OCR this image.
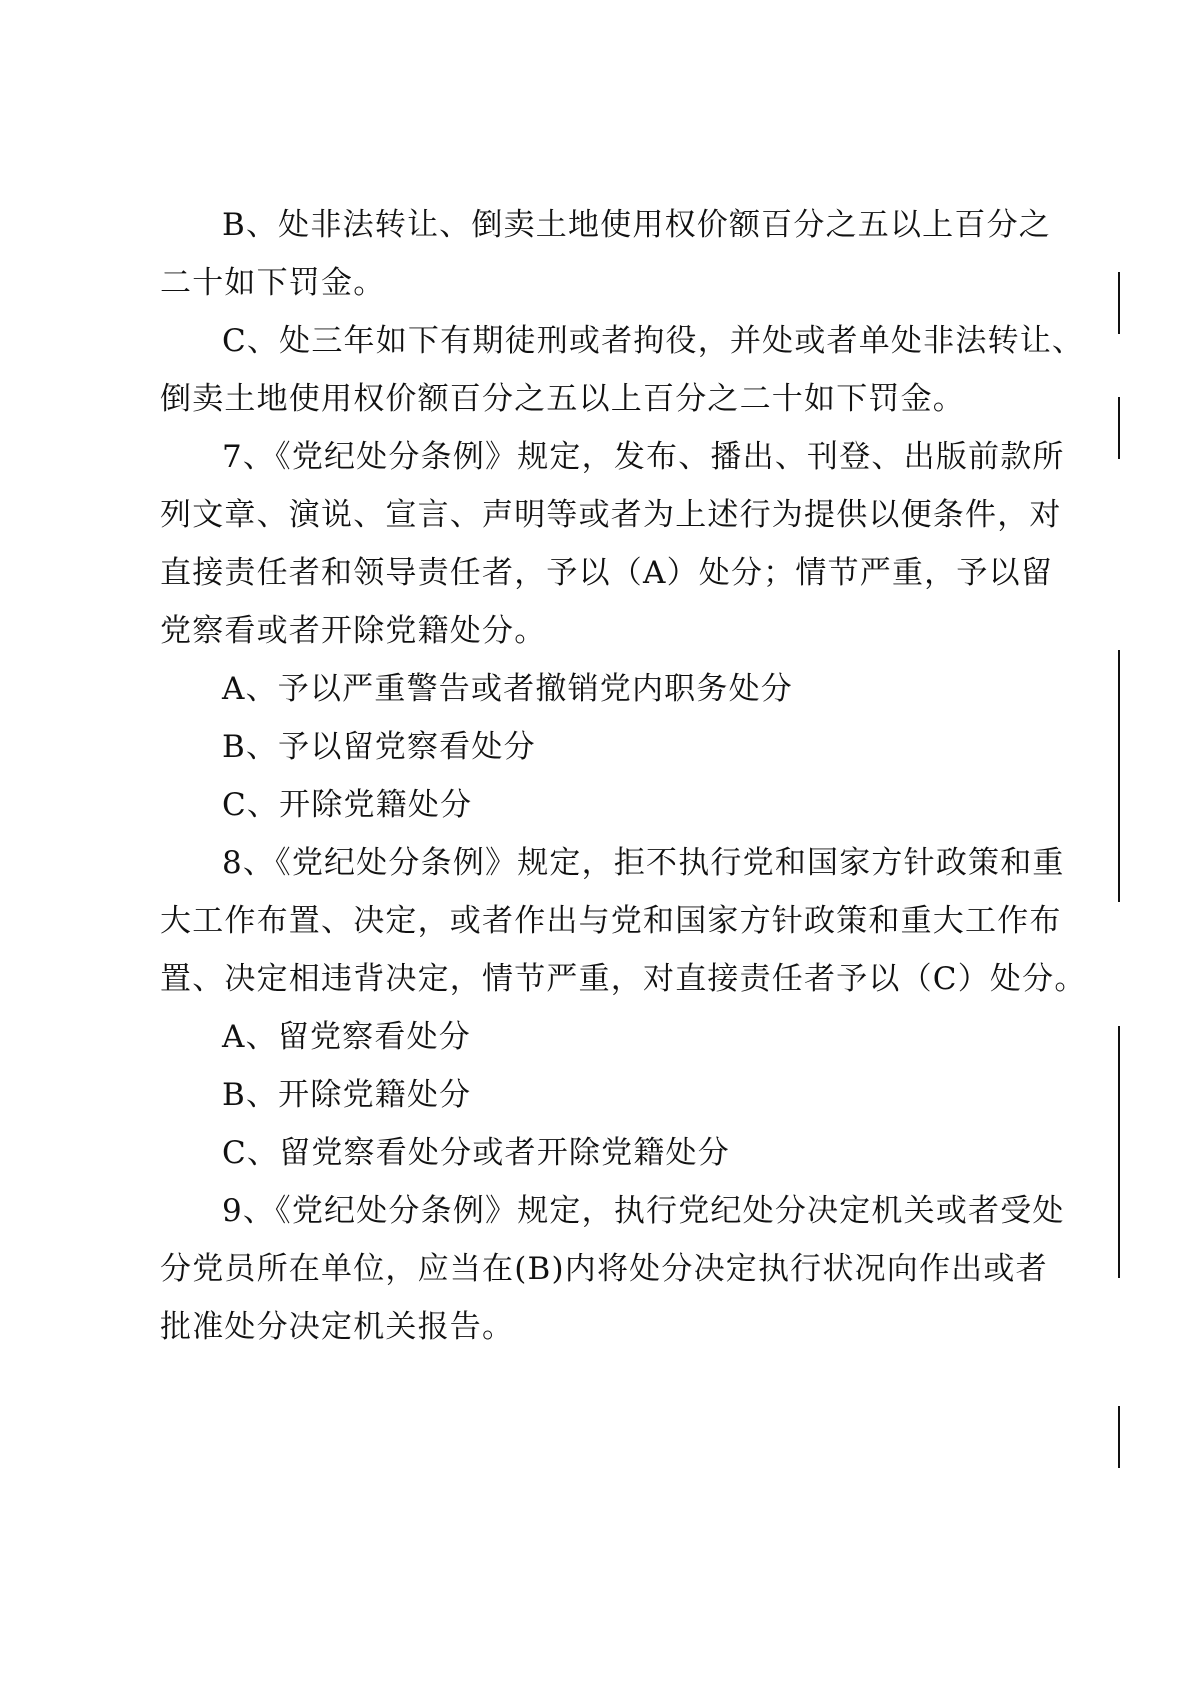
B、处非法转让、倒卖土地使用权价额百分之五以上百分之
二十如下罚金。
C、处三年如下有期徒刑或者拘役，并处或者单处非法转让、
倒卖土地使用权价额百分之五以上百分之二十如下罚金。
7、《党纪处分条例》规定，发布、播出、刊登、出版前款所
列文章、演说、宣言、声明等或者为上述行为提供以便条件，对
直接责任者和领导责任者，予以（A）处分；情节严重，予以留
党察看或者开除党籍处分。
A、予以严重警告或者撤销党内职务处分
B、予以留党察看处分
C、开除党籍处分
8、《党纪处分条例》规定，拒不执行党和国家方针政策和重
大工作布置、决定，或者作出与党和国家方针政策和重大工作布
置、决定相违背决定，情节严重，对直接责任者予以（C）处分。
A、留党察看处分
B、开除党籍处分
C、留党察看处分或者开除党籍处分
9、《党纪处分条例》规定，执行党纪处分决定机关或者受处
分党员所在单位，应当在(B)内将处分决定执行状况向作出或者
批准处分决定机关报告。
